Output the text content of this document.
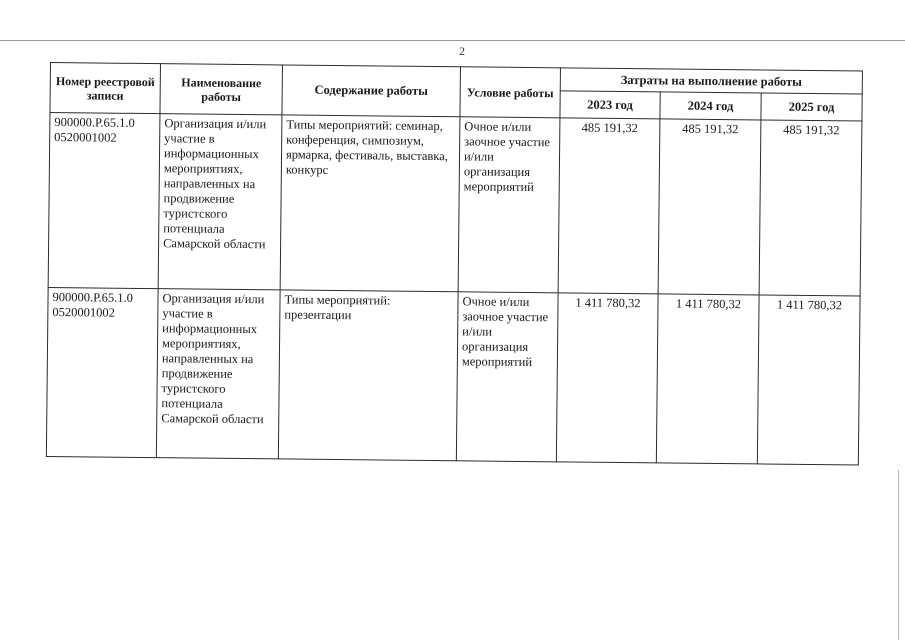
2
Номер реестровой записи	Наименование работы	Содержание работы	Условие работы	Затраты на выполнение работы		
				2023 год	2024 год	2025 год
900000.Р.65.1.0 0520001002	Организация и/или участие в информационных мероприятиях, направленных на продвижение туристского потенциала Самарской области	Типы мероприятий: семинар, конференция, симпозиум, ярмарка, фестиваль, выставка, конкурс	Очное и/или заочное участие и/или организация мероприятий	485 191,32	485 191,32	485 191,32
900000.Р.65.1.0 0520001002	Организация и/или участие в информационных мероприятиях, направленных на продвижение туристского потенциала Самарской области	Типы мероприятий: презентации	Очное и/или заочное участие и/или организация мероприятий	1 411 780,32	1 411 780,32	1 411 780,32
